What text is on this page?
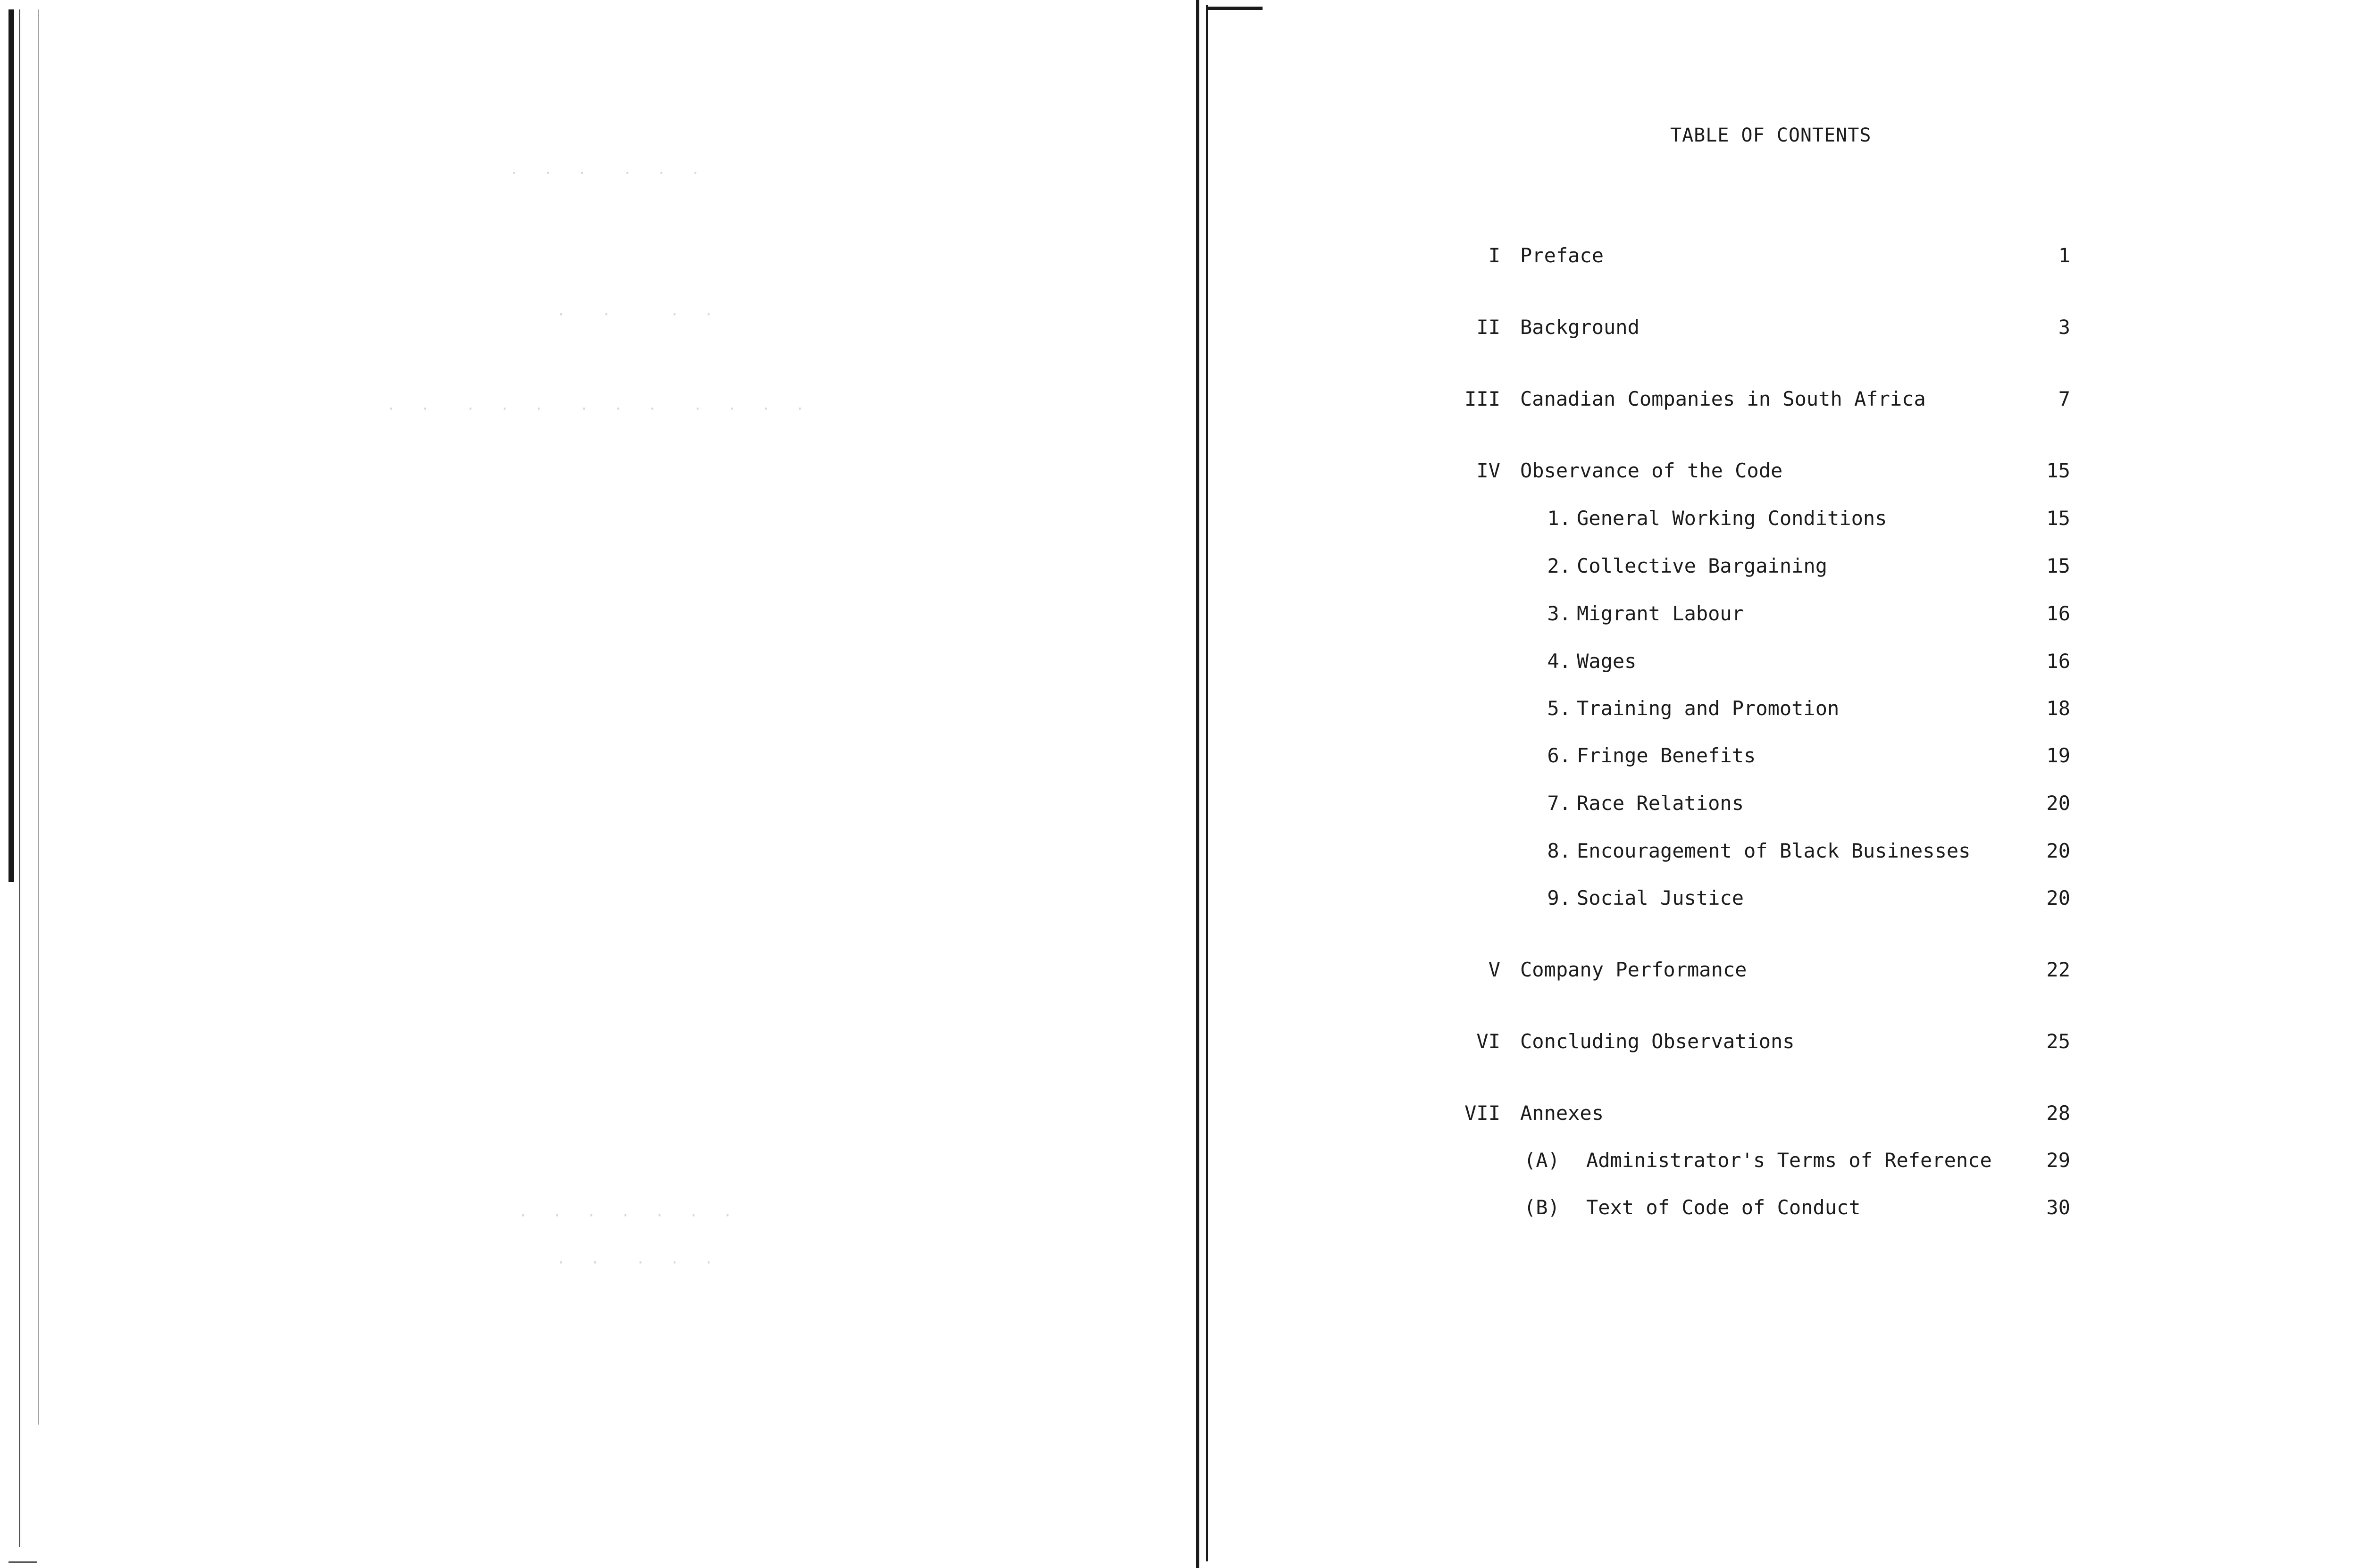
·  ·  ·   ·  ·  ·
·   ·     ·  ·
·  ·   ·  ·  ·   ·  ·  ·   ·  ·  ·  ·
·  ·  ·  ·  ·  ·  ·
·  ·   ·  ·  ·
TABLE OF CONTENTS
I Preface	1
II Background	3
III Canadian Companies in South Africa	7
IV Observance of the Code	15
1. General Working Conditions	15
2. Collective Bargaining	15
3. Migrant Labour	16
4. Wages	16
5. Training and Promotion	18
6. Fringe Benefits	19
7. Race Relations	20
8. Encouragement of Black Businesses	20
9. Social Justice	20
V Company Performance	22
VI Concluding Observations	25
VII Annexes	28
(A) Administrator's Terms of Reference	29
(B) Text of Code of Conduct	30
